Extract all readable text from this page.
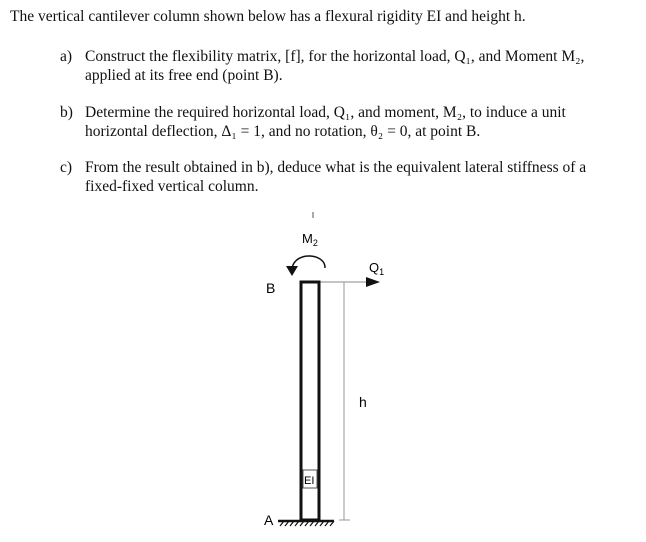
The vertical cantilever column shown below has a flexural rigidity EI and height h.
a) Construct the flexibility matrix, [f], for the horizontal load, Q₁, and Moment M₂,
applied at its free end (point B).
b) Determine the required horizontal load, Q₁, and moment, M₂, to induce a unit
horizontal deflection, Δ₁ = 1, and no rotation, θ₂ = 0, at point B.
c) From the result obtained in b), deduce what is the equivalent lateral stiffness of a
fixed-fixed vertical column.
$M_2$
$Q_1$
EI
B
h
A
